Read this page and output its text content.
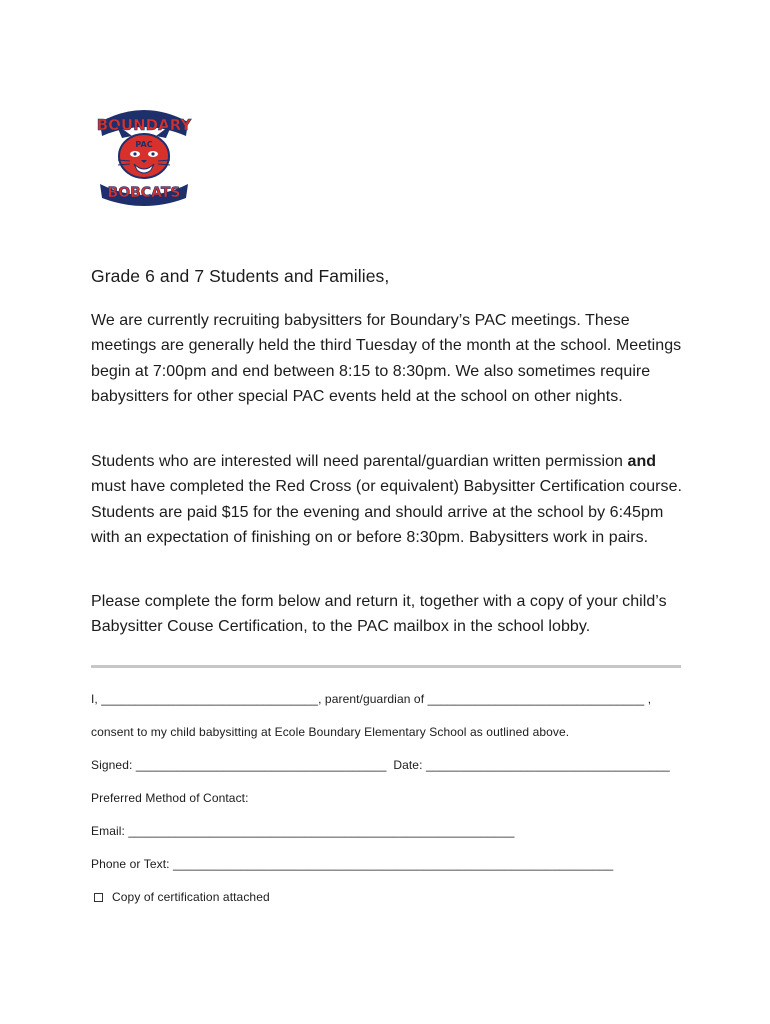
BOUNDARY
PAC
BOBCATS
Grade 6 and 7 Students and Families,
We are currently recruiting babysitters for Boundary’s PAC meetings. These meetings are generally held the third Tuesday of the month at the school. Meetings begin at 7:00pm and end between 8:15 to 8:30pm. We also sometimes require babysitters for other special PAC events held at the school on other nights.
Students who are interested will need parental/guardian written permission and must have completed the Red Cross (or equivalent) Babysitter Certification course. Students are paid $15 for the evening and should arrive at the school by 6:45pm with an expectation of finishing on or before 8:30pm. Babysitters work in pairs.
Please complete the form below and return it, together with a copy of your child’s Babysitter Couse Certification, to the PAC mailbox in the school lobby.
I, ________________________________, parent/guardian of ________________________________ ,
consent to my child babysitting at Ecole Boundary Elementary School as outlined above.
Signed: _____________________________________  Date: ____________________________________
Preferred Method of Contact:
Email: _________________________________________________________
Phone or Text: _________________________________________________________________
Copy of certification attached
